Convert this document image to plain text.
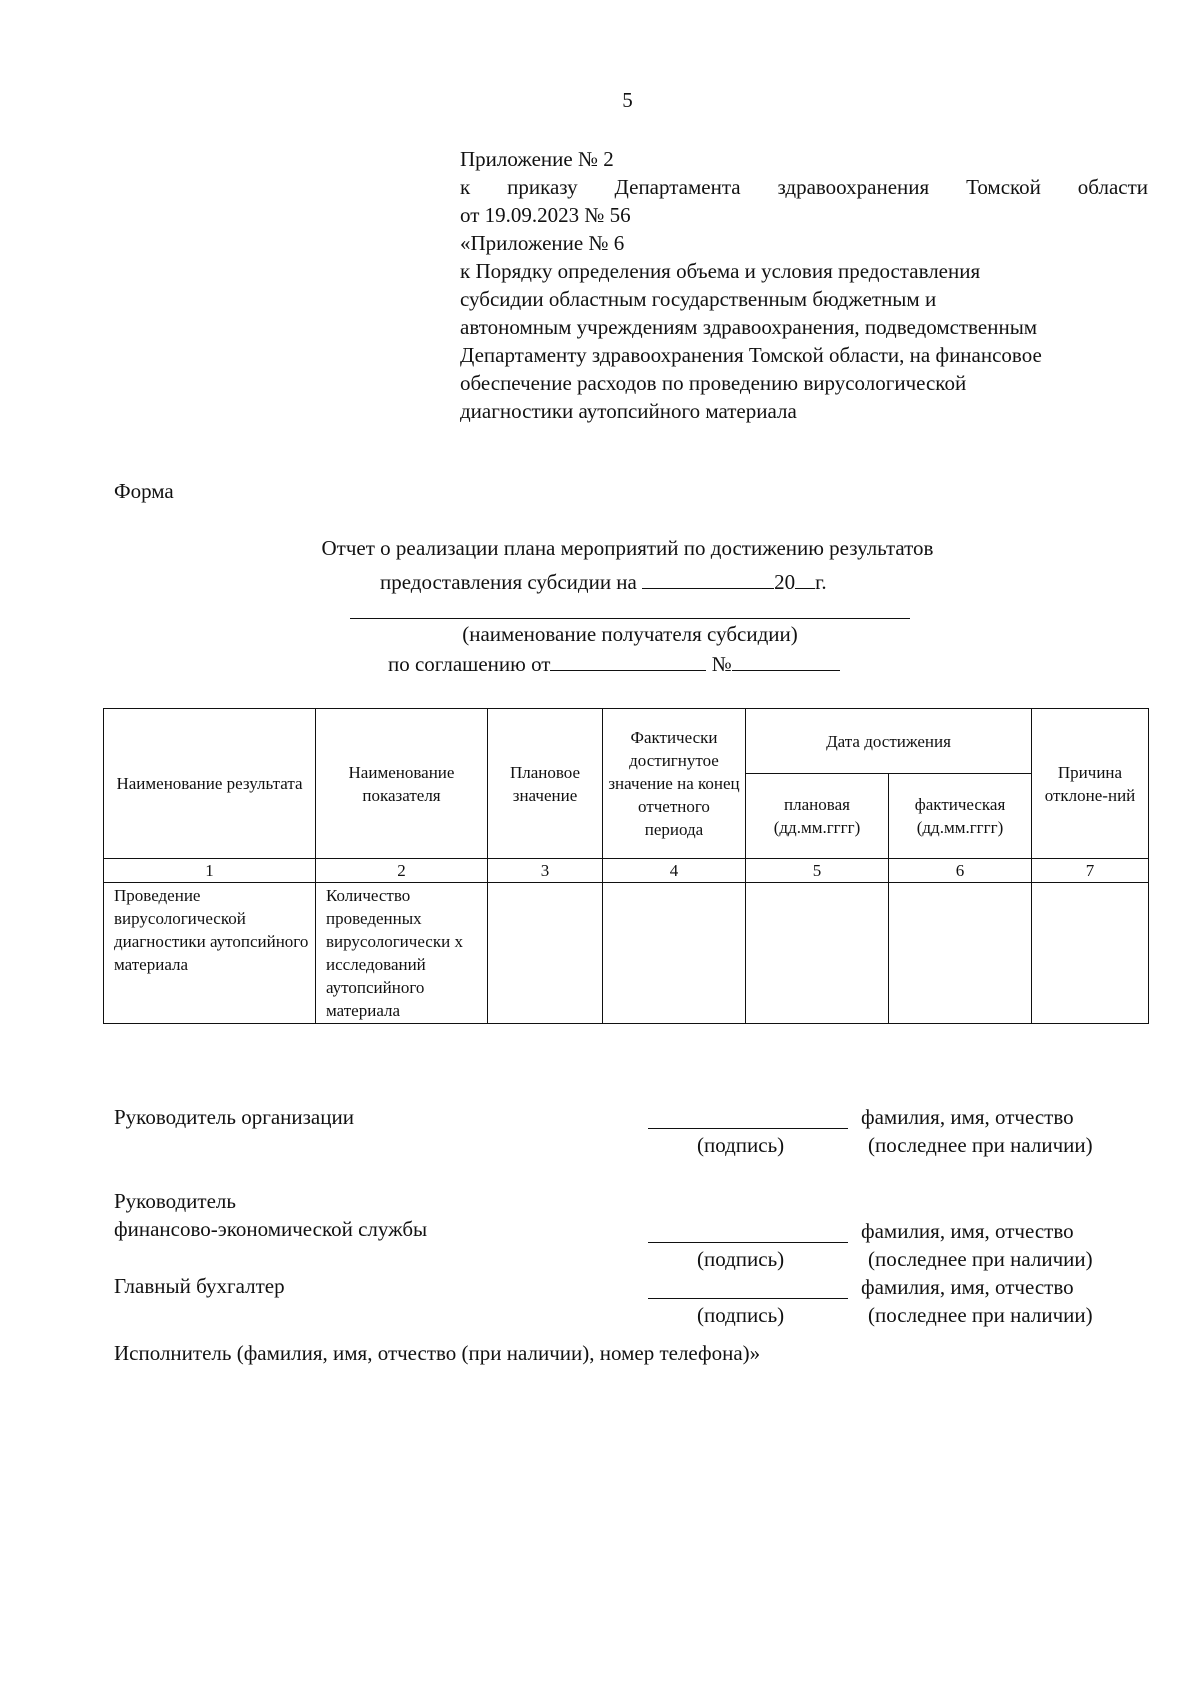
5
Приложение № 2
к приказу Департамента здравоохранения Томской области
от 19.09.2023 № 56
«Приложение № 6
к Порядку определения объема и условия предоставления
субсидии областным государственным бюджетным и
автономным учреждениям здравоохранения, подведомственным
Департаменту здравоохранения Томской области, на финансовое
обеспечение расходов по проведению вирусологической
диагностики аутопсийного материала
Форма
Отчет о реализации плана мероприятий по достижению результатов
предоставления субсидии на	20 г.
(наименование получателя субсидии)
по соглашению от	№
Наименование результата	Наименование показателя	Плановое значение	Фактически достигнутое значение на конец отчетного периода	Дата достижения		Причина отклоне-ний
				плановая (дд.мм.гггг)	фактическая (дд.мм.гггг)	
1	2	3	4	5	6	7
Проведение вирусологической диагностики аутопсийного материала	Количество проведенных вирусологически х исследований аутопсийного материала					
Руководитель организации	фамилия, имя, отчество
(подпись)	(последнее при наличии)
Руководитель
финансово-экономической службы	фамилия, имя, отчество
(подпись)	(последнее при наличии)
Главный бухгалтер	фамилия, имя, отчество
(подпись)	(последнее при наличии)
Исполнитель (фамилия, имя, отчество (при наличии), номер телефона)»
